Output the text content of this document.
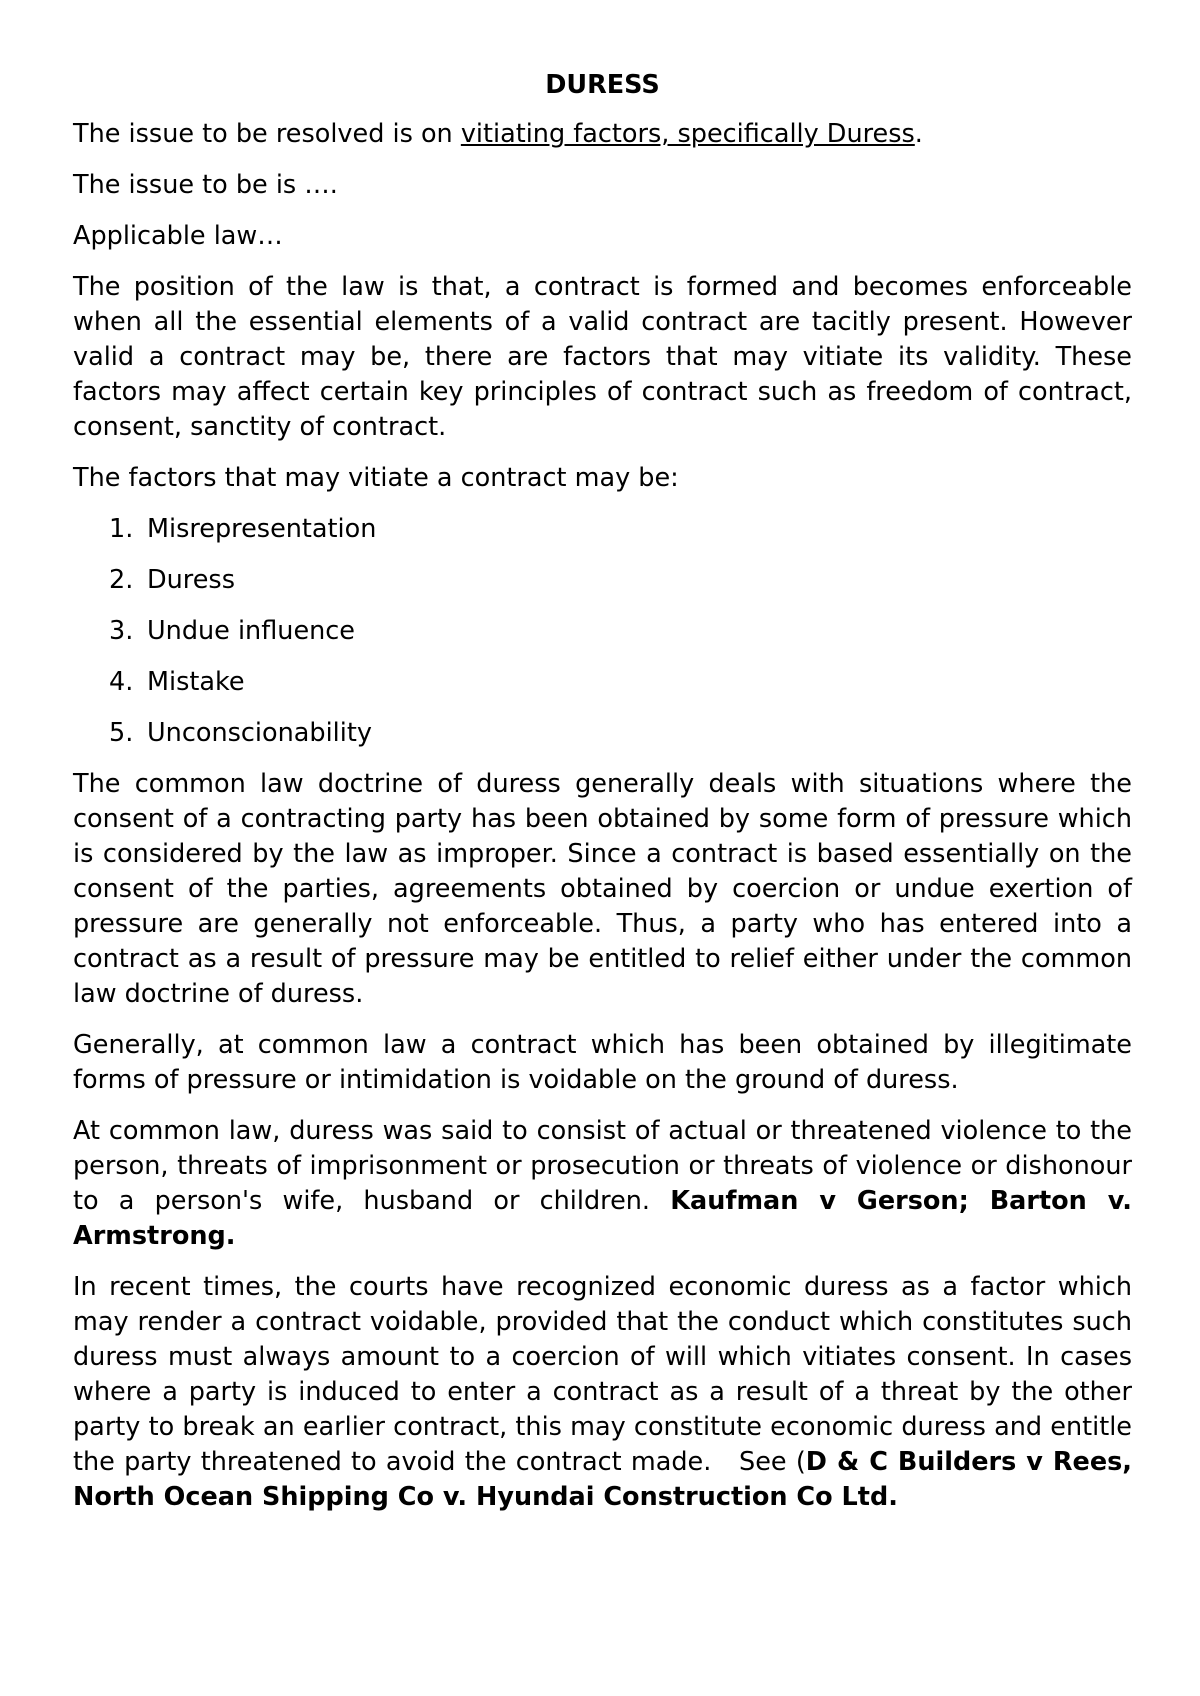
DURESS

The issue to be resolved is on vitiating factors, specifically Duress.

The issue to be is ….

Applicable law…

The position of the law is that, a contract is formed and becomes enforceable when all the essential elements of a valid contract are tacitly present. However valid a contract may be, there are factors that may vitiate its validity. These factors may affect certain key principles of contract such as freedom of contract, consent, sanctity of contract.

The factors that may vitiate a contract may be:

1. Misrepresentation
2. Duress
3. Undue influence
4. Mistake
5. Unconscionability

The common law doctrine of duress generally deals with situations where the consent of a contracting party has been obtained by some form of pressure which is considered by the law as improper. Since a contract is based essentially on the consent of the parties, agreements obtained by coercion or undue exertion of pressure are generally not enforceable. Thus, a party who has entered into a contract as a result of pressure may be entitled to relief either under the common law doctrine of duress.

Generally, at common law a contract which has been obtained by illegitimate forms of pressure or intimidation is voidable on the ground of duress.

At common law, duress was said to consist of actual or threatened violence to the person, threats of imprisonment or prosecution or threats of violence or dishonour to a person's wife, husband or children. Kaufman v Gerson; Barton v. Armstrong.

In recent times, the courts have recognized economic duress as a factor which may render a contract voidable, provided that the conduct which constitutes such duress must always amount to a coercion of will which vitiates consent. In cases where a party is induced to enter a contract as a result of a threat by the other party to break an earlier contract, this may constitute economic duress and entitle the party threatened to avoid the contract made.   See (D & C Builders v Rees, North Ocean Shipping Co v. Hyundai Construction Co Ltd.
